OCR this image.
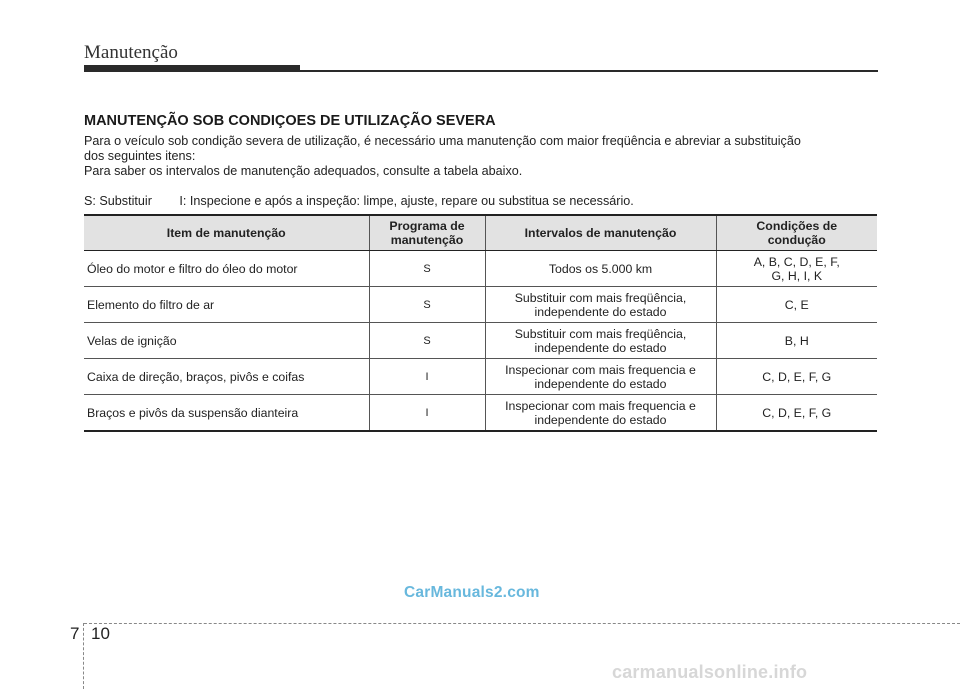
Manutenção
MANUTENÇÃO SOB CONDIÇOES DE UTILIZAÇÃO SEVERA
Para o veículo sob condição severa de utilização, é necessário uma manutenção com maior freqüência e abreviar a substituição
dos seguintes itens:
Para saber os intervalos de manutenção adequados, consulte a tabela abaixo.
S: Substituir I: Inspecione e após a inspeção: limpe, ajuste, repare ou substitua se necessário.
Item de manutenção	Programa de
manutenção	Intervalos de manutenção	Condições de
condução
Óleo do motor e filtro do óleo do motor	S	Todos os 5.000 km	A, B, C, D, E, F,
G, H, I, K
Elemento do filtro de ar	S	Substituir com mais freqüência,
independente do estado	C, E
Velas de ignição	S	Substituir com mais freqüência,
independente do estado	B, H
Caixa de direção, braços, pivôs e coifas	I	Inspecionar com mais frequencia e
independente do estado	C, D, E, F, G
Braços e pivôs da suspensão dianteira	I	Inspecionar com mais frequencia e
independente do estado	C, D, E, F, G
CarManuals2.com
7 10
carmanualsonline.info
